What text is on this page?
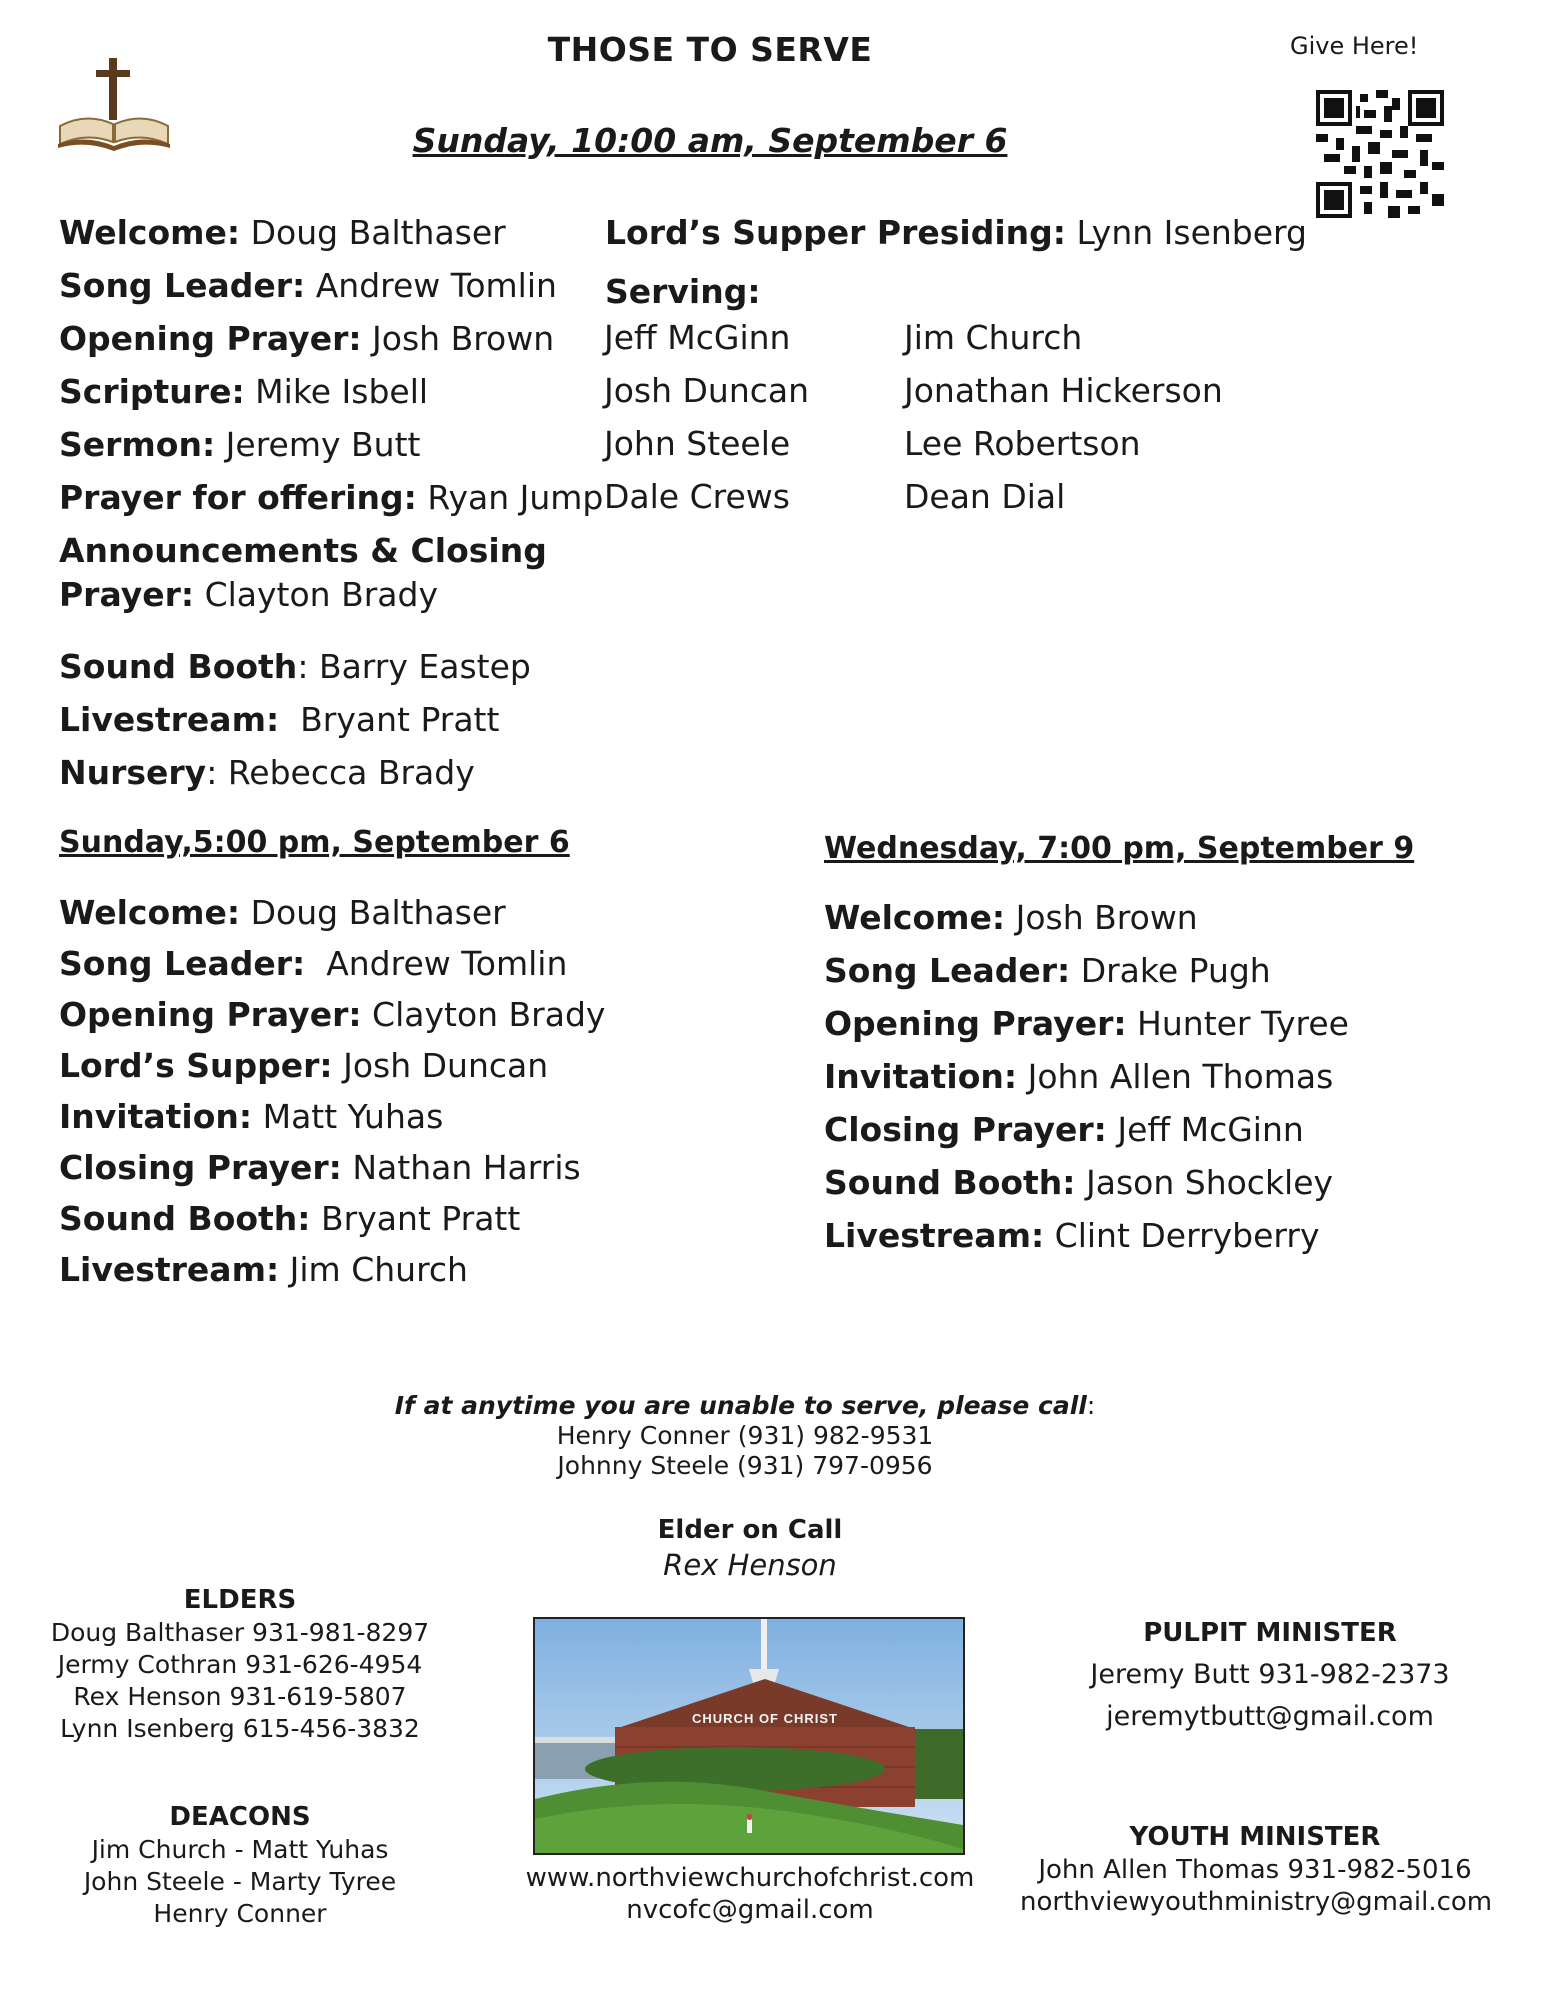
THOSE TO SERVE	Give Here!
Sunday, 10:00 am, September 6
Welcome: Doug Balthaser
Song Leader: Andrew Tomlin
Opening Prayer: Josh Brown
Scripture: Mike Isbell
Sermon: Jeremy Butt
Prayer for offering: Ryan Jump
Announcements & Closing
Prayer: Clayton Brady
Sound Booth: Barry Eastep
Livestream: Bryant Pratt
Nursery: Rebecca Brady
Lord’s Supper Presiding: Lynn Isenberg
Serving:
Jeff McGinn
Josh Duncan
John Steele
Dale Crews
Jim Church
Jonathan Hickerson
Lee Robertson
Dean Dial
Sunday,5:00 pm, September 6
Welcome: Doug Balthaser
Song Leader: Andrew Tomlin
Opening Prayer: Clayton Brady
Lord’s Supper: Josh Duncan
Invitation: Matt Yuhas
Closing Prayer: Nathan Harris
Sound Booth: Bryant Pratt
Livestream: Jim Church
Wednesday, 7:00 pm, September 9
Welcome: Josh Brown
Song Leader: Drake Pugh
Opening Prayer: Hunter Tyree
Invitation: John Allen Thomas
Closing Prayer: Jeff McGinn
Sound Booth: Jason Shockley
Livestream: Clint Derryberry
If at anytime you are unable to serve, please call:
Henry Conner (931) 982-9531
Johnny Steele (931) 797-0956
Elder on Call
Rex Henson
ELDERS
Doug Balthaser 931-981-8297
Jermy Cothran 931-626-4954
Rex Henson 931-619-5807
Lynn Isenberg 615-456-3832
DEACONS
Jim Church - Matt Yuhas
John Steele - Marty Tyree
Henry Conner
CHURCH OF CHRIST
www.northviewchurchofchrist.com
nvcofc@gmail.com
PULPIT MINISTER
Jeremy Butt 931-982-2373
jeremytbutt@gmail.com
YOUTH MINISTER
John Allen Thomas 931-982-5016
northviewyouthministry@gmail.com
